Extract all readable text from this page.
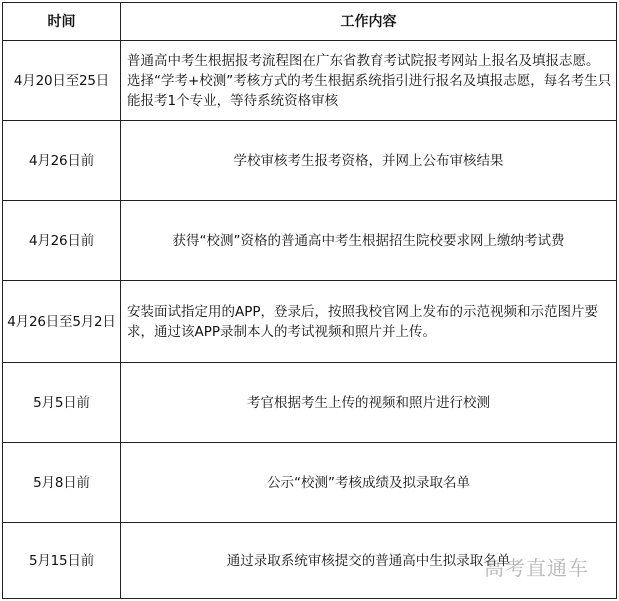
时间	工作内容
4月20日至25日	普通高中考生根据报考流程图在广东省教育考试院报考网站上报名及填报志愿。选择“学考+校测”考核方式的考生根据系统指引进行报名及填报志愿，每名考生只能报考1个专业，等待系统资格审核
4月26日前	学校审核考生报考资格，并网上公布审核结果
4月26日前	获得“校测”资格的普通高中考生根据招生院校要求网上缴纳考试费
4月26日至5月2日	安装面试指定用的APP，登录后，按照我校官网上发布的示范视频和示范图片要求，通过该APP录制本人的考试视频和照片并上传。
5月5日前	考官根据考生上传的视频和照片进行校测
5月8日前	公示“校测”考核成绩及拟录取名单
5月15日前	通过录取系统审核提交的普通高中生拟录取名单
高考直通车
